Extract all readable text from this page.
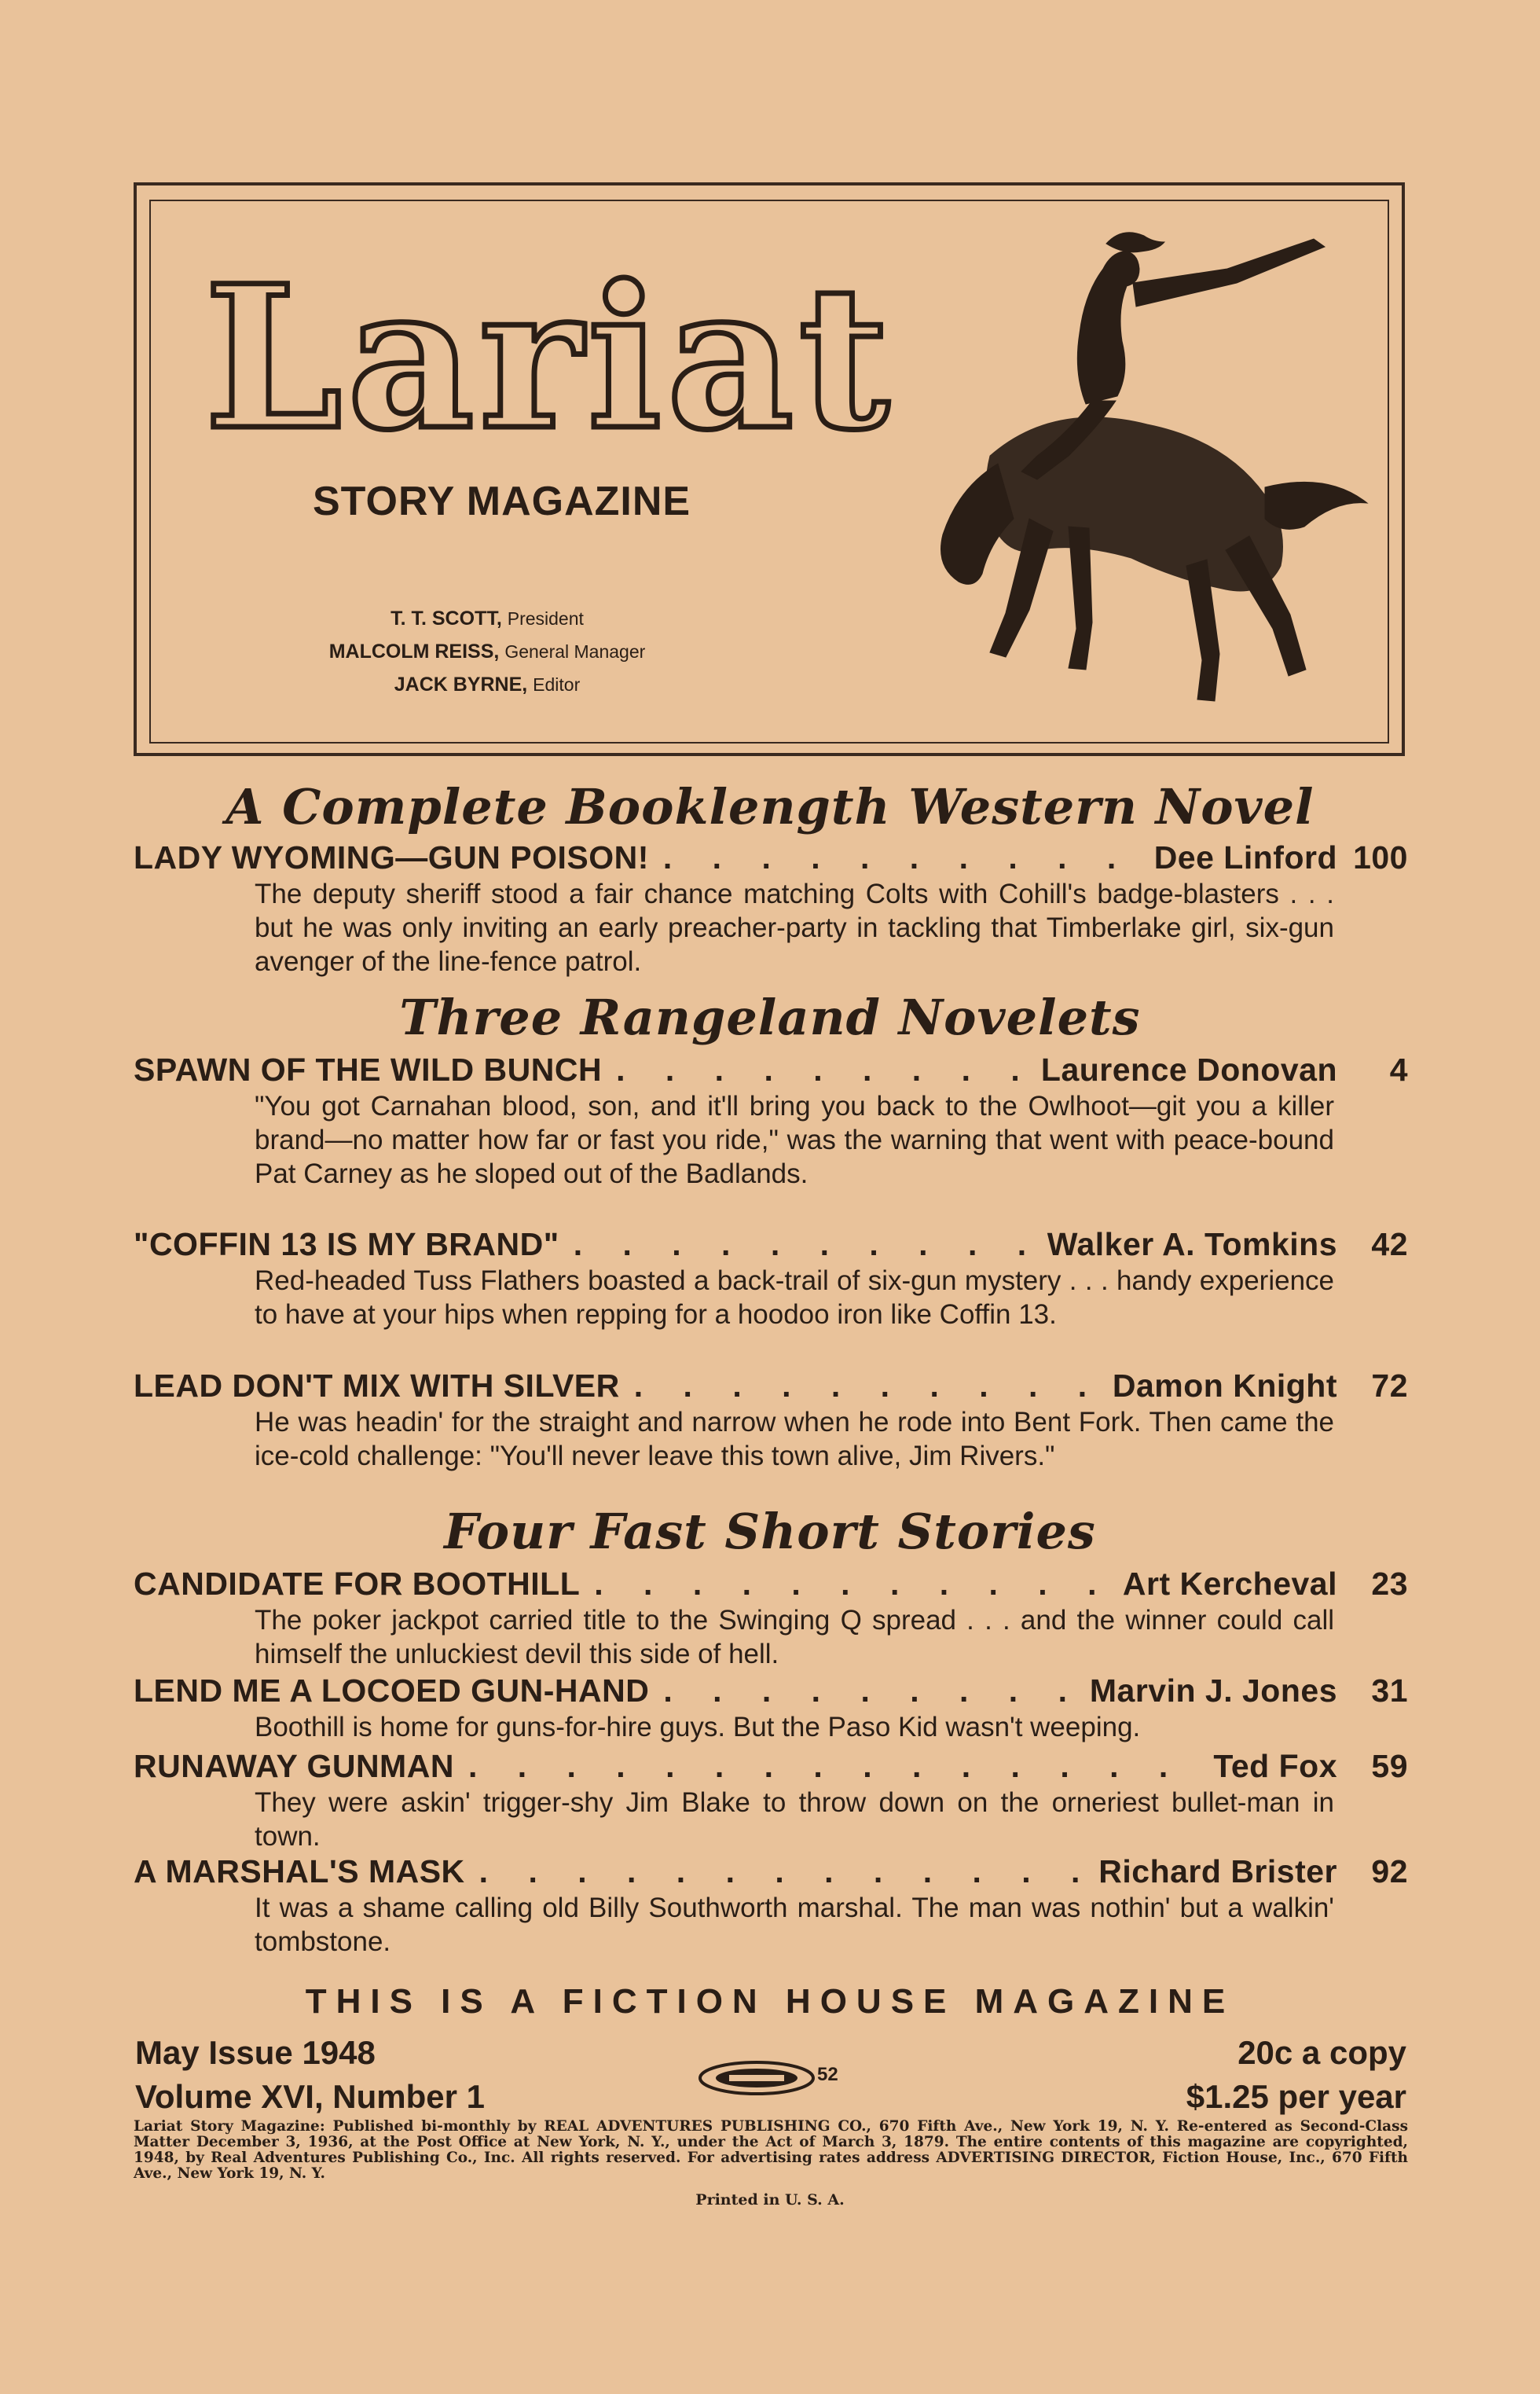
Lariat
STORY MAGAZINE
T. T. SCOTT, President
MALCOLM REISS, General Manager
JACK BYRNE, Editor
A Complete Booklength Western Novel
LADY WYOMING—GUN POISON! . . .	Dee Linford 100
The deputy sheriff stood a fair chance matching Colts with Cohill's badge-blasters . . . but he was only inviting an early preacher-party in tackling that Timberlake girl, six-gun avenger of the line-fence patrol.
Three Rangeland Novelets
SPAWN OF THE WILD BUNCH . . .	Laurence Donovan	4
"You got Carnahan blood, son, and it'll bring you back to the Owlhoot—git you a killer brand—no matter how far or fast you ride," was the warning that went with peace-bound Pat Carney as he sloped out of the Badlands.
"COFFIN 13 IS MY BRAND" . . .	Walker A. Tomkins	42
Red-headed Tuss Flathers boasted a back-trail of six-gun mystery . . . handy experience to have at your hips when repping for a hoodoo iron like Coffin 13.
LEAD DON'T MIX WITH SILVER . . .	Damon Knight	72
He was headin' for the straight and narrow when he rode into Bent Fork. Then came the ice-cold challenge: "You'll never leave this town alive, Jim Rivers."
Four Fast Short Stories
CANDIDATE FOR BOOTHILL . . .	Art Kercheval	23
The poker jackpot carried title to the Swinging Q spread . . . and the winner could call himself the unluckiest devil this side of hell.
LEND ME A LOCOED GUN-HAND . . .	Marvin J. Jones	31
Boothill is home for guns-for-hire guys. But the Paso Kid wasn't weeping.
RUNAWAY GUNMAN . . .	Ted Fox	59
They were askin' trigger-shy Jim Blake to throw down on the orneriest bullet-man in town.
A MARSHAL'S MASK . . .	Richard Brister	92
It was a shame calling old Billy Southworth marshal. The man was nothin' but a walkin' tombstone.
THIS IS A FICTION HOUSE MAGAZINE
May Issue 1948
Volume XVI, Number 1
52
20c a copy
$1.25 per year
Lariat Story Magazine: Published bi-monthly by REAL ADVENTURES PUBLISHING CO., 670 Fifth Ave., New York 19, N. Y. Re-entered as Second-Class Matter December 3, 1936, at the Post Office at New York, N. Y., under the Act of March 3, 1879. The entire contents of this magazine are copyrighted, 1948, by Real Adventures Publishing Co., Inc. All rights reserved. For advertising rates address ADVERTISING DIRECTOR, Fiction House, Inc., 670 Fifth Ave., New York 19, N. Y.
Printed in U. S. A.
